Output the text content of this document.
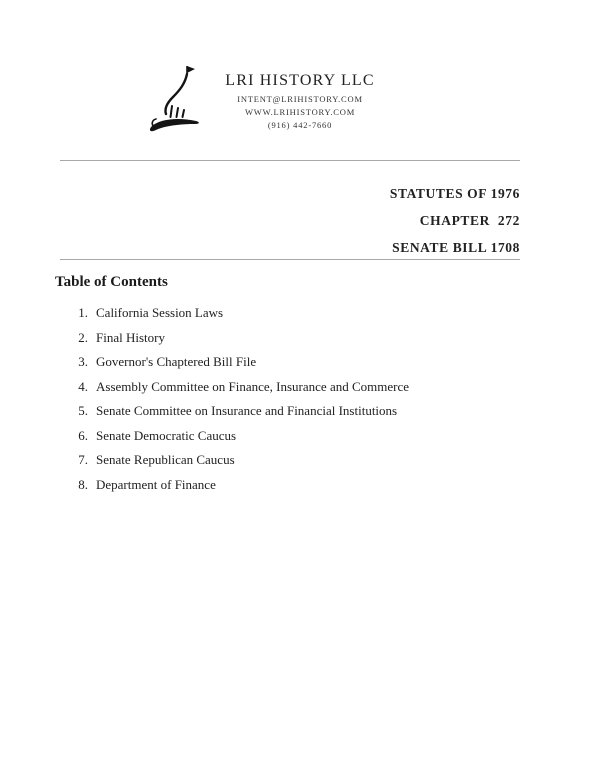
LRI HISTORY LLC
INTENT@LRIHISTORY.COM
WWW.LRIHISTORY.COM
(916) 442-7660
STATUTES OF 1976
CHAPTER  272
SENATE BILL 1708
Table of Contents
1. California Session Laws
2. Final History
3. Governor's Chaptered Bill File
4. Assembly Committee on Finance, Insurance and Commerce
5. Senate Committee on Insurance and Financial Institutions
6. Senate Democratic Caucus
7. Senate Republican Caucus
8. Department of Finance
